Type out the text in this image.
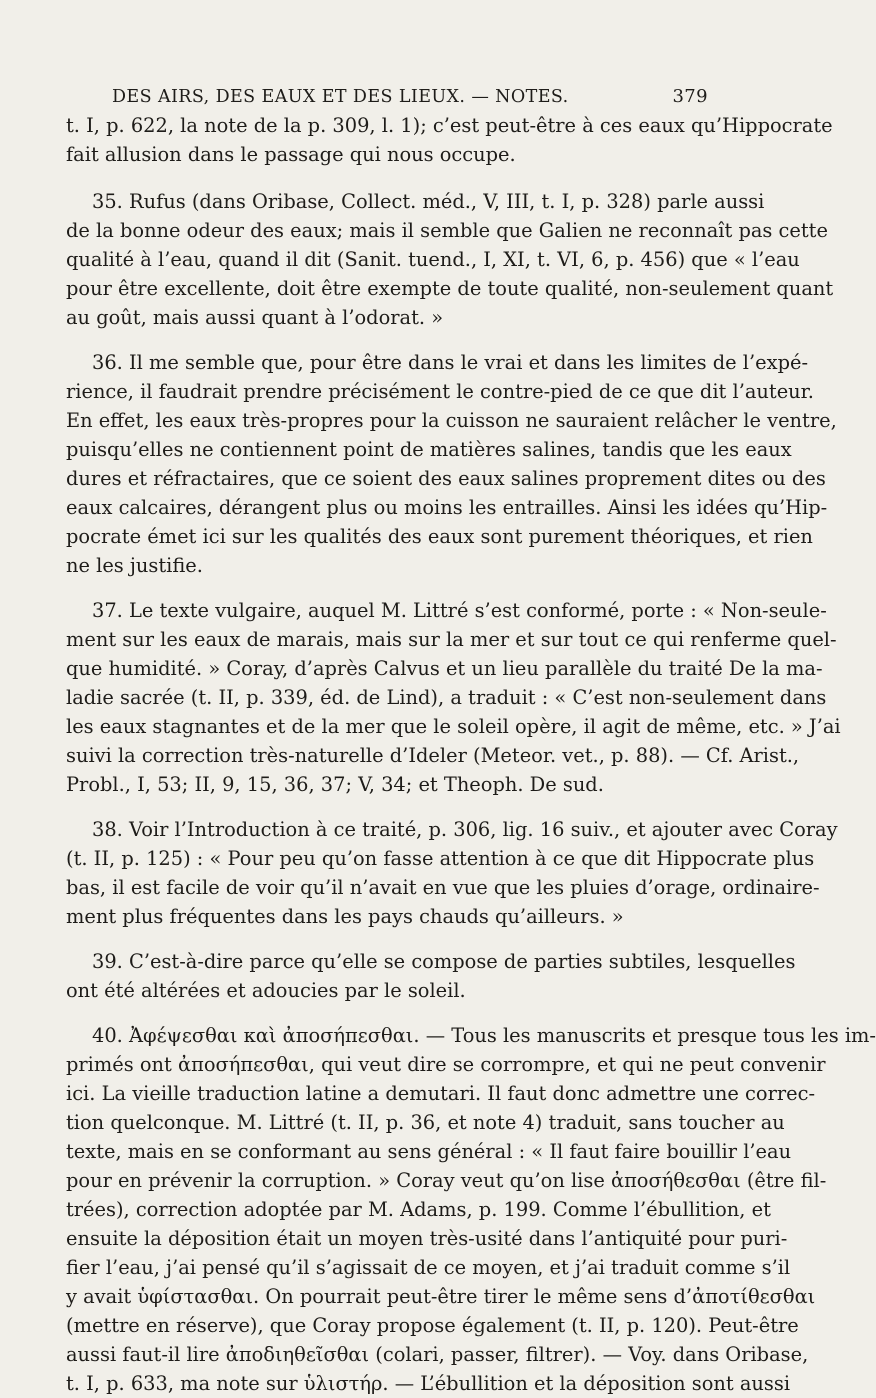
DES AIRS, DES EAUX ET DES LIEUX. — NOTES.	379
t. I, p. 622, la note de la p. 309, l. 1); c’est peut-être à ces eaux qu’Hippocrate
fait allusion dans le passage qui nous occupe.
35. Rufus (dans Oribase, Collect. méd., V, III, t. I, p. 328) parle aussi
de la bonne odeur des eaux; mais il semble que Galien ne reconnaît pas cette
qualité à l’eau, quand il dit (Sanit. tuend., I, XI, t. VI, 6, p. 456) que « l’eau
pour être excellente, doit être exempte de toute qualité, non-seulement quant
au goût, mais aussi quant à l’odorat. »
36. Il me semble que, pour être dans le vrai et dans les limites de l’expé-
rience, il faudrait prendre précisément le contre-pied de ce que dit l’auteur.
En effet, les eaux très-propres pour la cuisson ne sauraient relâcher le ventre,
puisqu’elles ne contiennent point de matières salines, tandis que les eaux
dures et réfractaires, que ce soient des eaux salines proprement dites ou des
eaux calcaires, dérangent plus ou moins les entrailles. Ainsi les idées qu’Hip-
pocrate émet ici sur les qualités des eaux sont purement théoriques, et rien
ne les justifie.
37. Le texte vulgaire, auquel M. Littré s’est conformé, porte : « Non-seule-
ment sur les eaux de marais, mais sur la mer et sur tout ce qui renferme quel-
que humidité. » Coray, d’après Calvus et un lieu parallèle du traité De la ma-
ladie sacrée (t. II, p. 339, éd. de Lind), a traduit : « C’est non-seulement dans
les eaux stagnantes et de la mer que le soleil opère, il agit de même, etc. » J’ai
suivi la correction très-naturelle d’Ideler (Meteor. vet., p. 88). — Cf. Arist.,
Probl., I, 53; II, 9, 15, 36, 37; V, 34; et Theoph. De sud.
38. Voir l’Introduction à ce traité, p. 306, lig. 16 suiv., et ajouter avec Coray
(t. II, p. 125) : « Pour peu qu’on fasse attention à ce que dit Hippocrate plus
bas, il est facile de voir qu’il n’avait en vue que les pluies d’orage, ordinaire-
ment plus fréquentes dans les pays chauds qu’ailleurs. »
39. C’est-à-dire parce qu’elle se compose de parties subtiles, lesquelles
ont été altérées et adoucies par le soleil.
40. Ἀφέψεσθαι καὶ ἀποσήπεσθαι. — Tous les manuscrits et presque tous les im-
primés ont ἀποσήπεσθαι, qui veut dire se corrompre, et qui ne peut convenir
ici. La vieille traduction latine a demutari. Il faut donc admettre une correc-
tion quelconque. M. Littré (t. II, p. 36, et note 4) traduit, sans toucher au
texte, mais en se conformant au sens général : « Il faut faire bouillir l’eau
pour en prévenir la corruption. » Coray veut qu’on lise ἀποσήθεσθαι (être fil-
trées), correction adoptée par M. Adams, p. 199. Comme l’ébullition, et
ensuite la déposition était un moyen très-usité dans l’antiquité pour puri-
fier l’eau, j’ai pensé qu’il s’agissait de ce moyen, et j’ai traduit comme s’il
y avait ὑφίστασθαι. On pourrait peut-être tirer le même sens d’ἀποτίθεσθαι
(mettre en réserve), que Coray propose également (t. II, p. 120). Peut-être
aussi faut-il lire ἀποδιηθεῖσθαι (colari, passer, filtrer). — Voy. dans Oribase,
t. I, p. 633, ma note sur ὑλιστήρ. — L’ébullition et la déposition sont aussi
